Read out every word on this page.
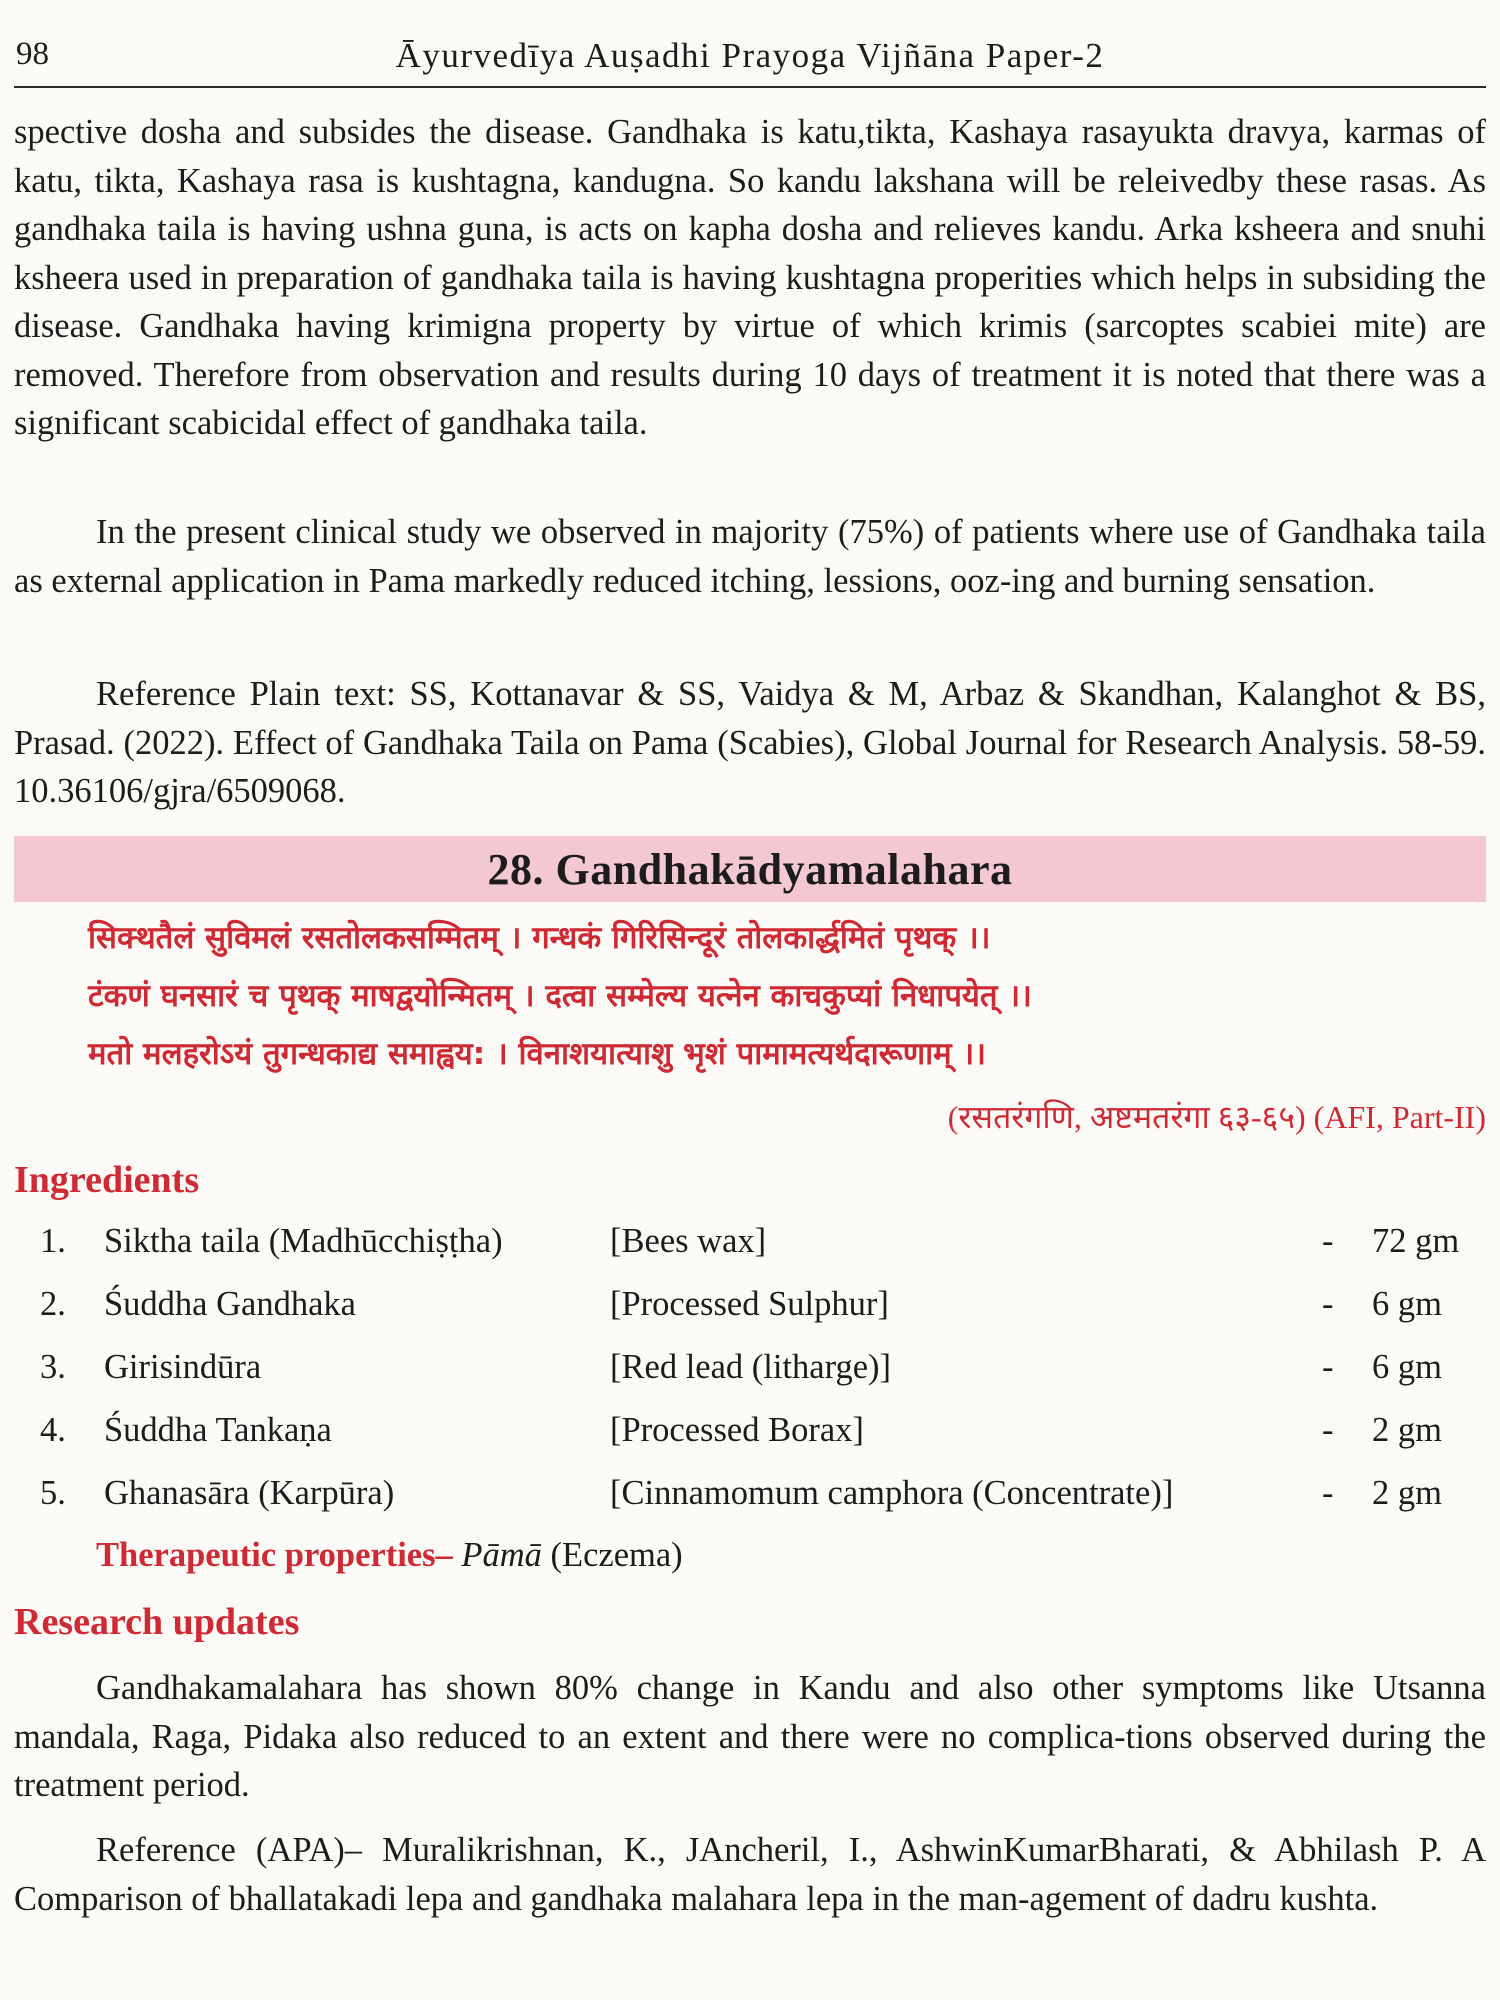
98	Āyurvedīya Auṣadhi Prayoga Vijñāna Paper-2

spective dosha and subsides the disease. Gandhaka is katu,tikta, Kashaya rasayukta dravya, karmas of katu, tikta, Kashaya rasa is kushtagna, kandugna. So kandu lakshana will be releivedby these rasas. As gandhaka taila is having ushna guna, is acts on kapha dosha and relieves kandu. Arka ksheera and snuhi ksheera used in preparation of gandhaka taila is having kushtagna properities which helps in subsiding the disease. Gandhaka having krimigna property by virtue of which krimis (sarcoptes scabiei mite) are removed. Therefore from observation and results during 10 days of treatment it is noted that there was a significant scabicidal effect of gandhaka taila.

In the present clinical study we observed in majority (75%) of patients where use of Gandhaka taila as external application in Pama markedly reduced itching, lessions, ooz-ing and burning sensation.

Reference Plain text: SS, Kottanavar & SS, Vaidya & M, Arbaz & Skandhan, Kalanghot & BS, Prasad. (2022). Effect of Gandhaka Taila on Pama (Scabies), Global Journal for Research Analysis. 58-59. 10.36106/gjra/6509068.

28. Gandhakādyamalahara

सिक्थतैलं सुविमलं रसतोलकसम्मितम् । गन्धकं गिरिसिन्दूरं तोलकार्द्धमितं पृथक् ।।

टंकणं घनसारं च पृथक् माषद्वयोन्मितम् । दत्वा सम्मेल्य यत्नेन काचकुप्यां निधापयेत् ।।

मतो मलहरोऽयं तुगन्धकाद्य समाह्वय: । विनाशयात्याशु भृशं पामामत्यर्थदारूणाम् ।।

(रसतरंगणि, अष्टमतरंगा ६३-६५) (AFI, Part-II)
Ingredients
1. Siktha taila (Madhūcchiṣṭha)	[Bees wax]	- 72 gm
2. Śuddha Gandhaka	[Processed Sulphur]	- 6 gm
3. Girisindūra	[Red lead (litharge)]	- 6 gm
4. Śuddha Tankaṇa	[Processed Borax]	- 2 gm
5. Ghanasāra (Karpūra)	[Cinnamomum camphora (Concentrate)]	- 2 gm

Therapeutic properties– Pāmā (Eczema)

Research updates

Gandhakamalahara has shown 80% change in Kandu and also other symptoms like Utsanna mandala, Raga, Pidaka also reduced to an extent and there were no complica-tions observed during the treatment period.

Reference (APA)– Muralikrishnan, K., JAncheril, I., AshwinKumarBharati, & Abhilash P. A Comparison of bhallatakadi lepa and gandhaka malahara lepa in the man-agement of dadru kushta.
